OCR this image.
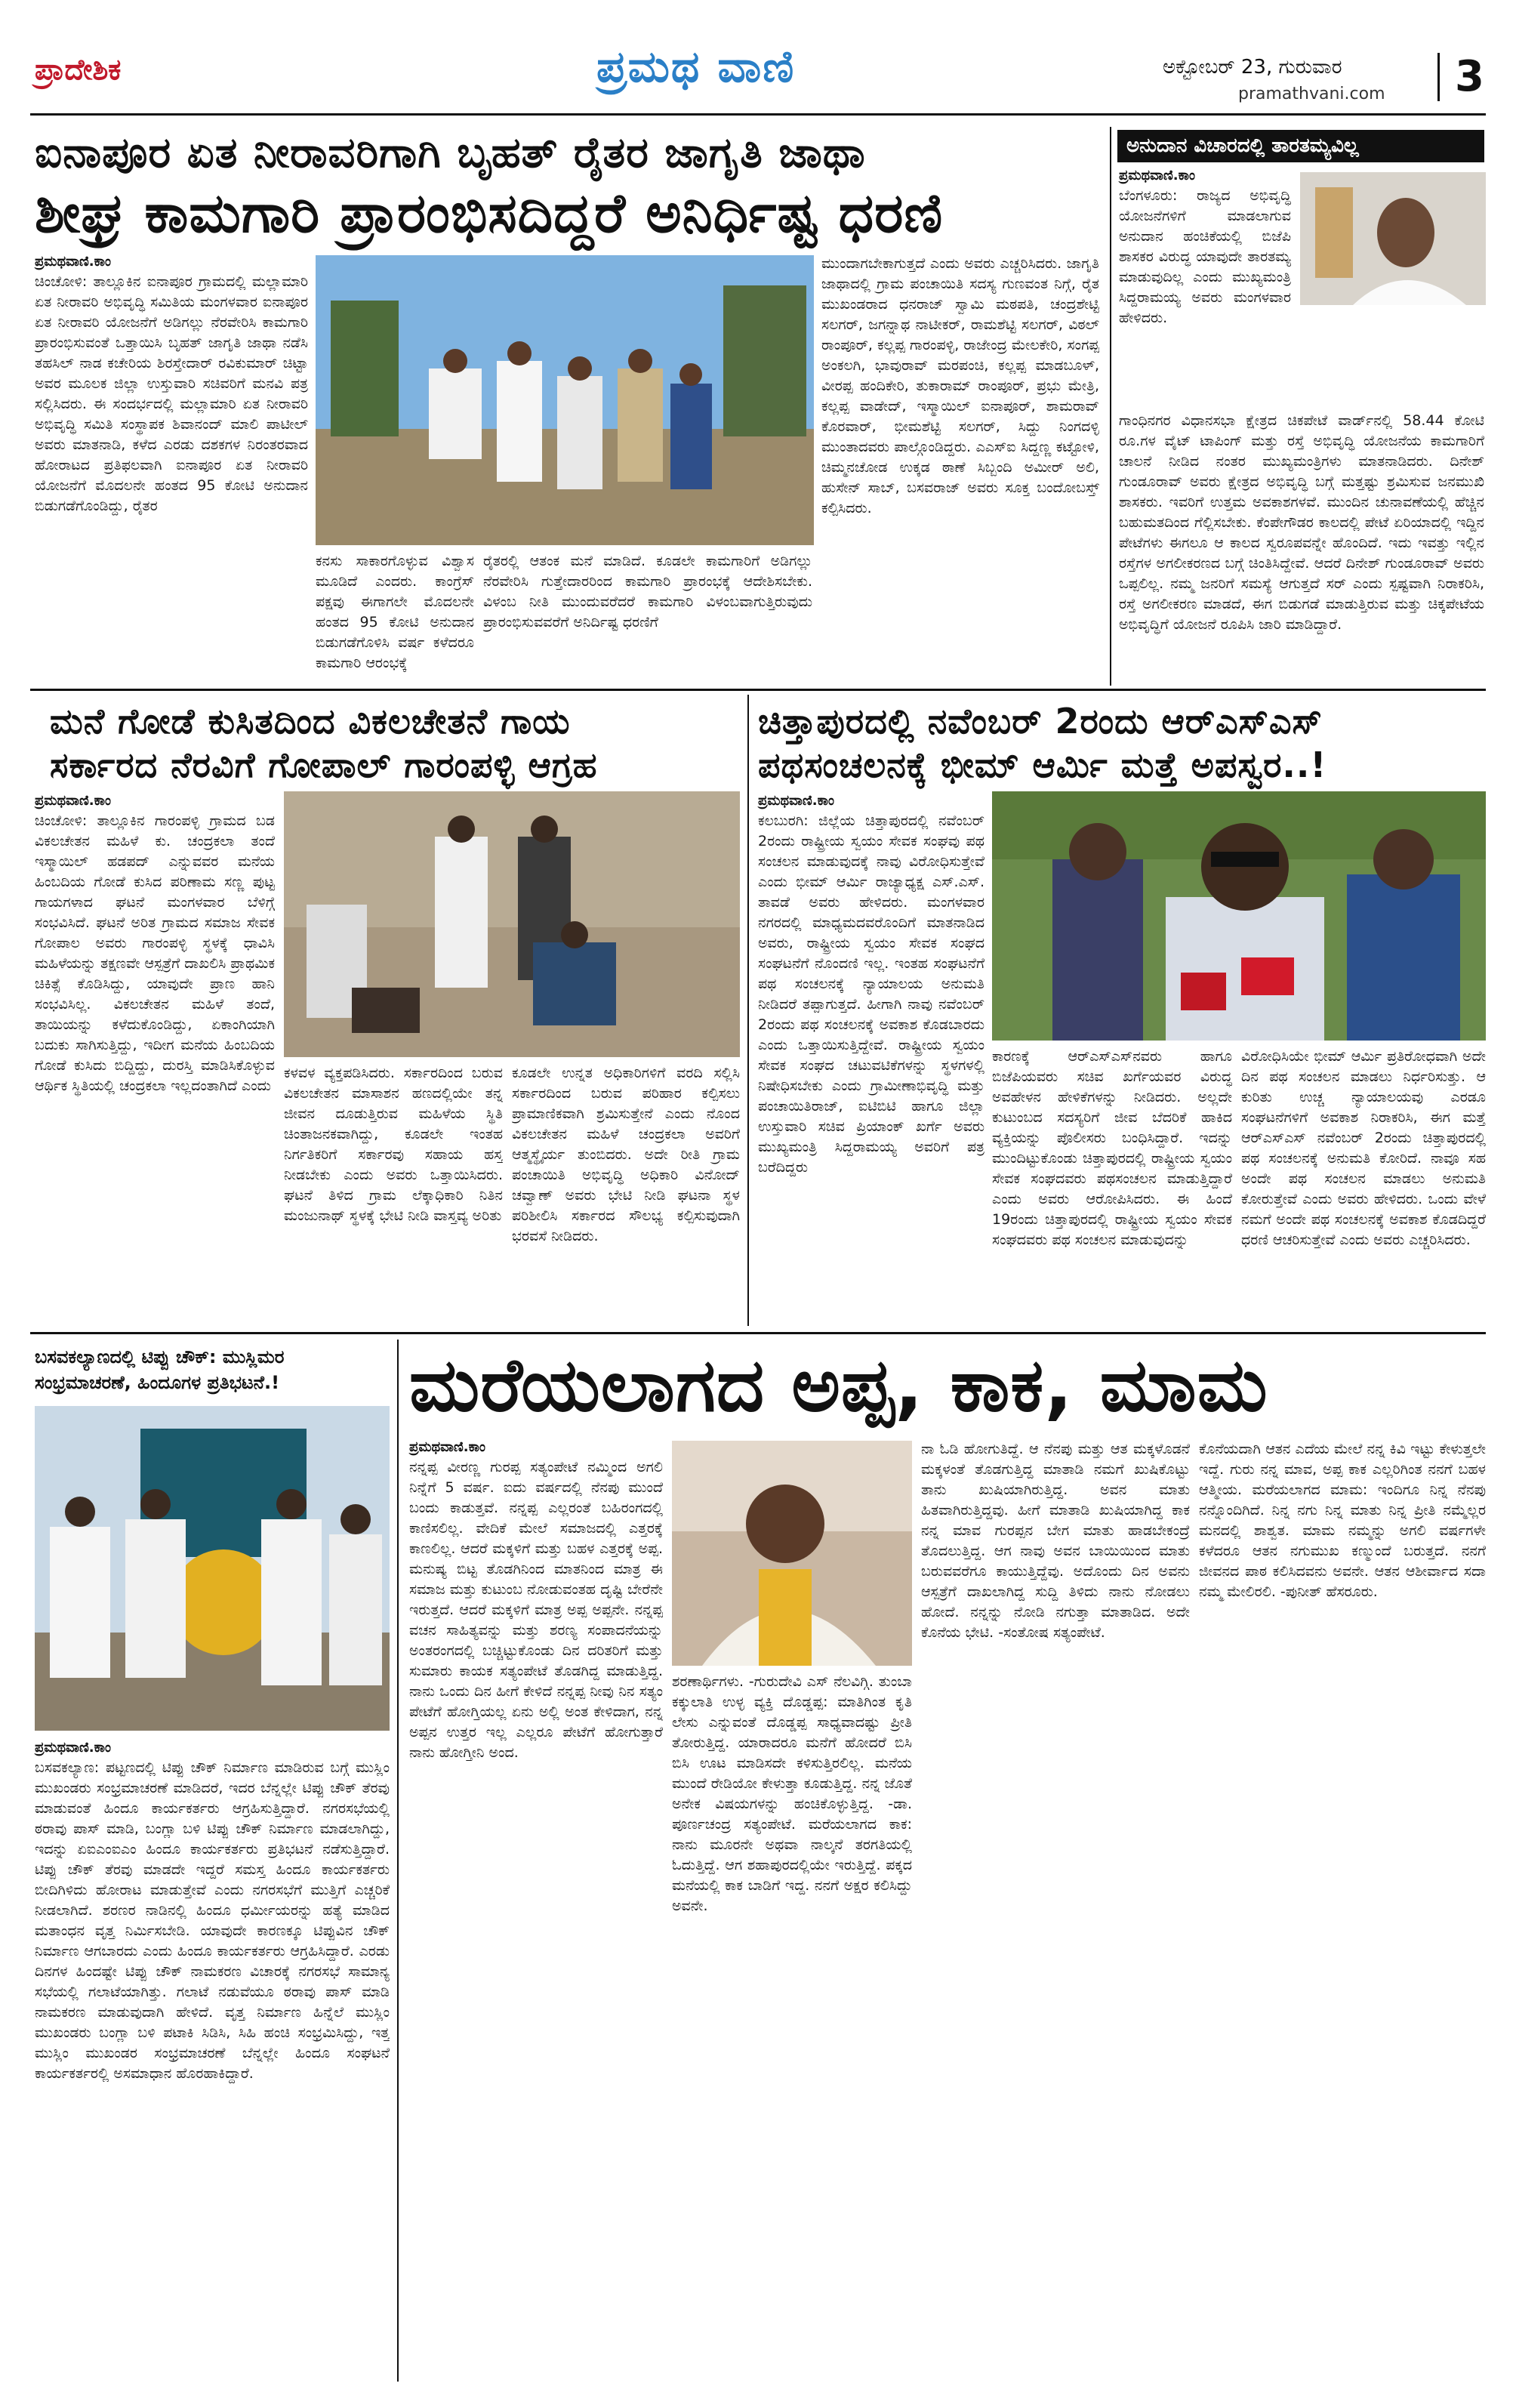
ಪ್ರಾದೇಶಿಕ	ಪ್ರಮಥ ವಾಣಿ	ಅಕ್ಟೋಬರ್ 23, ಗುರುವಾರ
pramathvani.com	3
ಐನಾಪೂರ ಏತ ನೀರಾವರಿಗಾಗಿ ಬೃಹತ್ ರೈತರ ಜಾಗೃತಿ ಜಾಥಾ
ಶೀಘ್ರ ಕಾಮಗಾರಿ ಪ್ರಾರಂಭಿಸದಿದ್ದರೆ ಅನಿರ್ಧಿಷ್ಟ ಧರಣಿ
ಪ್ರಮಥವಾಣಿ.ಕಾಂ
ಚಿಂಚೋಳಿ: ತಾಲ್ಲೂಕಿನ ಐನಾಪೂರ ಗ್ರಾಮದಲ್ಲಿ ಮಲ್ಲಾಮಾರಿ ಏತ ನೀರಾವರಿ ಅಭಿವೃದ್ಧಿ ಸಮಿತಿಯ ಮಂಗಳವಾರ ಐನಾಪೂರ ಏತ ನೀರಾವರಿ ಯೋಜನೆಗೆ ಅಡಿಗಲ್ಲು ನೆರವೇರಿಸಿ ಕಾಮಗಾರಿ ಪ್ರಾರಂಭಿಸುವಂತೆ ಒತ್ತಾಯಿಸಿ ಬೃಹತ್ ಜಾಗೃತಿ ಜಾಥಾ ನಡೆಸಿ ತಹಸಿಲ್ ನಾಡ ಕಚೇರಿಯ ಶಿರಸ್ತೇದಾರ್ ರವಿಕುಮಾರ್ ಚಿಟ್ಟಾ ಅವರ ಮೂಲಕ ಜಿಲ್ಲಾ ಉಸ್ತುವಾರಿ ಸಚಿವರಿಗೆ ಮನವಿ ಪತ್ರ ಸಲ್ಲಿಸಿದರು. ಈ ಸಂದರ್ಭದಲ್ಲಿ ಮಲ್ಲಾಮಾರಿ ಏತ ನೀರಾವರಿ ಅಭಿವೃದ್ಧಿ ಸಮಿತಿ ಸಂಸ್ಥಾಪಕ ಶಿವಾನಂದ್ ಮಾಲಿ ಪಾಟೀಲ್ ಅವರು ಮಾತನಾಡಿ, ಕಳೆದ ಎರಡು ದಶಕಗಳ ನಿರಂತರವಾದ ಹೋರಾಟದ ಪ್ರತಿಫಲವಾಗಿ ಐನಾಪೂರ ಏತ ನೀರಾವರಿ ಯೋಜನೆಗೆ ಮೊದಲನೇ ಹಂತದ 95 ಕೋಟಿ ಅನುದಾನ ಬಿಡುಗಡೆಗೊಂಡಿದ್ದು, ರೈತರ
ಕನಸು ಸಾಕಾರಗೊಳ್ಳುವ ವಿಶ್ವಾಸ ಮೂಡಿದೆ ಎಂದರು. ಕಾಂಗ್ರೆಸ್ ಪಕ್ಷವು ಈಗಾಗಲೇ ಮೊದಲನೇ ಹಂತದ 95 ಕೋಟಿ ಅನುದಾನ ಬಿಡುಗಡೆಗೊಳಿಸಿ ವರ್ಷ ಕಳೆದರೂ ಕಾಮಗಾರಿ ಆರಂಭಕ್ಕೆ
ರೈತರಲ್ಲಿ ಆತಂಕ ಮನೆ ಮಾಡಿದೆ. ಕೂಡಲೇ ಕಾಮಗಾರಿಗೆ ಅಡಿಗಲ್ಲು ನೆರವೇರಿಸಿ ಗುತ್ತೇದಾರರಿಂದ ಕಾಮಗಾರಿ ಪ್ರಾರಂಭಕ್ಕೆ ಆದೇಶಿಸಬೇಕು. ವಿಳಂಬ ನೀತಿ ಮುಂದುವರೆದರೆ ಕಾಮಗಾರಿ ವಿಳಂಬವಾಗುತ್ತಿರುವುದು ಪ್ರಾರಂಭಿಸುವವರೆಗೆ ಅನಿರ್ದಿಷ್ಟ ಧರಣಿಗೆ
ಮುಂದಾಗಬೇಕಾಗುತ್ತದೆ ಎಂದು ಅವರು ಎಚ್ಚರಿಸಿದರು. ಜಾಗೃತಿ ಜಾಥಾದಲ್ಲಿ ಗ್ರಾಮ ಪಂಚಾಯಿತಿ ಸದಸ್ಯ ಗುಣವಂತ ನಿಗ್ಗೆ, ರೈತ ಮುಖಂಡರಾದ ಧನರಾಜ್ ಸ್ವಾಮಿ ಮಠಪತಿ, ಚಂದ್ರಶೇಟ್ಟಿ ಸಲಗರ್, ಜಗನ್ನಾಥ ನಾಟೀಕರ್, ರಾಮಶೆಟ್ಟಿ ಸಲಗರ್, ವಿಠಲ್ ರಾಂಪೂರ್, ಕಲ್ಲಪ್ಪ ಗಾರಂಪಳ್ಳಿ, ರಾಜೇಂದ್ರ ಮೇಲಕೇರಿ, ಸಂಗಪ್ಪ ಅಂಕಲಗಿ, ಭಾವುರಾವ್ ಮರಪಂಚಿ, ಕಲ್ಲಪ್ಪ ಮಾಡಬೂಳ್, ವೀರಪ್ಪ ಹಂದಿಕೇರಿ, ತುಕಾರಾಮ್ ರಾಂಪೂರ್, ಪ್ರಭು ಮೇತ್ರಿ, ಕಲ್ಲಪ್ಪ ವಾಡೇದ್, ಇಸ್ಮಾಯಿಲ್ ಐನಾಪೂರ್, ಶಾಮರಾವ್ ಕೊರವಾರ್, ಭೀಮಶೆಟ್ಟಿ ಸಲಗರ್, ಸಿದ್ದು ನಿಂಗದಳ್ಳಿ ಮುಂತಾದವರು ಪಾಲ್ಗೊಂಡಿದ್ದರು. ಎಎಸ್ಐ ಸಿದ್ದಣ್ಣ ಕಟ್ಟೋಳಿ, ಚಿಮ್ಮನಚೋಡ ಉಕ್ಕಡ ಠಾಣೆ ಸಿಬ್ಬಂದಿ ಅಮೀರ್ ಅಲಿ, ಹುಸೇನ್ ಸಾಬ್, ಬಸವರಾಜ್ ಅವರು ಸೂಕ್ತ ಬಂದೋಬಸ್ತ್ ಕಲ್ಪಿಸಿದರು.
ಅನುದಾನ ವಿಚಾರದಲ್ಲಿ ತಾರತಮ್ಯವಿಲ್ಲ
ಪ್ರಮಥವಾಣಿ.ಕಾಂ
ಬೆಂಗಳೂರು: ರಾಜ್ಯದ ಅಭಿವೃದ್ಧಿ ಯೋಜನೆಗಳಿಗೆ ಮಾಡಲಾಗುವ ಅನುದಾನ ಹಂಚಿಕೆಯಲ್ಲಿ ಬಿಜೆಪಿ ಶಾಸಕರ ವಿರುದ್ಧ ಯಾವುದೇ ತಾರತಮ್ಯ ಮಾಡುವುದಿಲ್ಲ ಎಂದು ಮುಖ್ಯಮಂತ್ರಿ ಸಿದ್ದರಾಮಯ್ಯ ಅವರು ಮಂಗಳವಾರ ಹೇಳಿದರು.
ಗಾಂಧಿನಗರ ವಿಧಾನಸಭಾ ಕ್ಷೇತ್ರದ ಚಿಕಪೇಟೆ ವಾರ್ಡ್‌ನಲ್ಲಿ 58.44 ಕೋಟಿ ರೂ.ಗಳ ವೈಟ್ ಟಾಪಿಂಗ್ ಮತ್ತು ರಸ್ತೆ ಅಭಿವೃದ್ಧಿ ಯೋಜನೆಯ ಕಾಮಗಾರಿಗೆ ಚಾಲನೆ ನೀಡಿದ ನಂತರ ಮುಖ್ಯಮಂತ್ರಿಗಳು ಮಾತನಾಡಿದರು. ದಿನೇಶ್ ಗುಂಡೂರಾವ್ ಅವರು ಕ್ಷೇತ್ರದ ಅಭಿವೃದ್ಧಿ ಬಗ್ಗೆ ಮತ್ತಷ್ಟು ಶ್ರಮಿಸುವ ಜನಮುಖಿ ಶಾಸಕರು. ಇವರಿಗೆ ಉತ್ತಮ ಅವಕಾಶಗಳವೆ. ಮುಂದಿನ ಚುನಾವಣೆಯಲ್ಲಿ ಹೆಚ್ಚಿನ ಬಹುಮತದಿಂದ ಗೆಲ್ಲಿಸಬೇಕು. ಕೆಂಪೇಗೌಡರ ಕಾಲದಲ್ಲಿ ಪೇಟೆ ಏರಿಯಾದಲ್ಲಿ ಇದ್ದಿನ ಪೇಟೆಗಳು ಈಗಲೂ ಆ ಕಾಲದ ಸ್ವರೂಪವನ್ನೇ ಹೊಂದಿದೆ. ಇದು ಇವತ್ತು ಇಲ್ಲಿನ ರಸ್ತೆಗಳ ಅಗಲೀಕರಣದ ಬಗ್ಗೆ ಚಿಂತಿಸಿದ್ದೇವೆ. ಆದರೆ ದಿನೇಶ್ ಗುಂಡೂರಾವ್ ಅವರು ಒಪ್ಪಲಿಲ್ಲ. ನಮ್ಮ ಜನರಿಗೆ ಸಮಸ್ಯೆ ಆಗುತ್ತದೆ ಸರ್ ಎಂದು ಸ್ಪಷ್ಟವಾಗಿ ನಿರಾಕರಿಸಿ, ರಸ್ತೆ ಅಗಲೀಕರಣ ಮಾಡದೆ, ಈಗ ಬಿಡುಗಡೆ ಮಾಡುತ್ತಿರುವ ಮತ್ತು ಚಿಕ್ಕಪೇಟೆಯ ಅಭಿವೃದ್ಧಿಗೆ ಯೋಜನೆ ರೂಪಿಸಿ ಜಾರಿ ಮಾಡಿದ್ದಾರೆ.
ಮನೆ ಗೋಡೆ ಕುಸಿತದಿಂದ ವಿಕಲಚೇತನೆ ಗಾಯ
ಸರ್ಕಾರದ ನೆರವಿಗೆ ಗೋಪಾಲ್ ಗಾರಂಪಳ್ಳಿ ಆಗ್ರಹ
ಪ್ರಮಥವಾಣಿ.ಕಾಂ
ಚಿಂಚೋಳಿ: ತಾಲ್ಲೂಕಿನ ಗಾರಂಪಳ್ಳಿ ಗ್ರಾಮದ ಬಡ ವಿಕಲಚೇತನ ಮಹಿಳೆ ಕು. ಚಂದ್ರಕಲಾ ತಂದೆ ಇಸ್ಮಾಯಿಲ್ ಹಡಪದ್ ಎನ್ನುವವರ ಮನೆಯ ಹಿಂಬದಿಯ ಗೋಡೆ ಕುಸಿದ ಪರಿಣಾಮ ಸಣ್ಣ ಪುಟ್ಟ ಗಾಯಗಳಾದ ಘಟನೆ ಮಂಗಳವಾರ ಬೆಳಿಗ್ಗೆ ಸಂಭವಿಸಿದೆ. ಘಟನೆ ಅರಿತ ಗ್ರಾಮದ ಸಮಾಜ ಸೇವಕ ಗೋಪಾಲ ಅವರು ಗಾರಂಪಳ್ಳಿ ಸ್ಥಳಕ್ಕೆ ಧಾವಿಸಿ ಮಹಿಳೆಯನ್ನು ತಕ್ಷಣವೇ ಆಸ್ಪತ್ರೆಗೆ ದಾಖಲಿಸಿ ಪ್ರಾಥಮಿಕ ಚಿಕಿತ್ಸೆ ಕೊಡಿಸಿದ್ದು, ಯಾವುದೇ ಪ್ರಾಣ ಹಾನಿ ಸಂಭವಿಸಿಲ್ಲ. ವಿಕಲಚೇತನ ಮಹಿಳೆ ತಂದೆ, ತಾಯಿಯನ್ನು ಕಳೆದುಕೊಂಡಿದ್ದು, ಏಕಾಂಗಿಯಾಗಿ ಬದುಕು ಸಾಗಿಸುತ್ತಿದ್ದು, ಇದೀಗ ಮನೆಯ ಹಿಂಬದಿಯ ಗೋಡೆ ಕುಸಿದು ಬಿದ್ದಿದ್ದು, ದುರಸ್ತಿ ಮಾಡಿಸಿಕೊಳ್ಳುವ ಆರ್ಥಿಕ ಸ್ಥಿತಿಯಲ್ಲಿ ಚಂದ್ರಕಲಾ ಇಲ್ಲದಂತಾಗಿದೆ ಎಂದು
ಕಳವಳ ವ್ಯಕ್ತಪಡಿಸಿದರು. ಸರ್ಕಾರದಿಂದ ಬರುವ ವಿಕಲಚೇತನ ಮಾಸಾಶನ ಹಣದಲ್ಲಿಯೇ ತನ್ನ ಜೀವನ ದೂಡುತ್ತಿರುವ ಮಹಿಳೆಯ ಸ್ಥಿತಿ ಚಿಂತಾಜನಕವಾಗಿದ್ದು, ಕೂಡಲೇ ಇಂತಹ ನಿರ್ಗತಿಕರಿಗೆ ಸರ್ಕಾರವು ಸಹಾಯ ಹಸ್ತ ನೀಡಬೇಕು ಎಂದು ಅವರು ಒತ್ತಾಯಿಸಿದರು. ಘಟನೆ ತಿಳಿದ ಗ್ರಾಮ ಲೆಕ್ಕಾಧಿಕಾರಿ ನಿತಿನ ಮಂಜುನಾಥ್ ಸ್ಥಳಕ್ಕೆ ಭೇಟಿ ನೀಡಿ ವಾಸ್ತವ್ಯ ಅರಿತು
ಕೂಡಲೇ ಉನ್ನತ ಅಧಿಕಾರಿಗಳಿಗೆ ವರದಿ ಸಲ್ಲಿಸಿ ಸರ್ಕಾರದಿಂದ ಬರುವ ಪರಿಹಾರ ಕಲ್ಪಿಸಲು ಪ್ರಾಮಾಣಿಕವಾಗಿ ಶ್ರಮಿಸುತ್ತೇನೆ ಎಂದು ನೊಂದ ವಿಕಲಚೇತನ ಮಹಿಳೆ ಚಂದ್ರಕಲಾ ಅವರಿಗೆ ಆತ್ಮಸ್ಥೈರ್ಯ ತುಂಬಿದರು. ಅದೇ ರೀತಿ ಗ್ರಾಮ ಪಂಚಾಯಿತಿ ಅಭಿವೃದ್ಧಿ ಅಧಿಕಾರಿ ವಿನೋದ್ ಚವ್ವಾಣ್ ಅವರು ಭೇಟಿ ನೀಡಿ ಘಟನಾ ಸ್ಥಳ ಪರಿಶೀಲಿಸಿ ಸರ್ಕಾರದ ಸೌಲಭ್ಯ ಕಲ್ಪಿಸುವುದಾಗಿ ಭರವಸೆ ನೀಡಿದರು.
ಚಿತ್ತಾಪುರದಲ್ಲಿ ನವೆಂಬರ್ 2ರಂದು ಆರ್‌ಎಸ್‌ಎಸ್
ಪಥಸಂಚಲನಕ್ಕೆ ಭೀಮ್ ಆರ್ಮಿ ಮತ್ತೆ ಅಪಸ್ವರ..!
ಪ್ರಮಥವಾಣಿ.ಕಾಂ
ಕಲಬುರಗಿ: ಜಿಲ್ಲೆಯ ಚಿತ್ತಾಪುರದಲ್ಲಿ ನವೆಂಬರ್ 2ರಂದು ರಾಷ್ಟ್ರೀಯ ಸ್ವಯಂ ಸೇವಕ ಸಂಘವು ಪಥ ಸಂಚಲನ ಮಾಡುವುದಕ್ಕೆ ನಾವು ವಿರೋಧಿಸುತ್ತೇವೆ ಎಂದು ಭೀಮ್ ಆರ್ಮಿ ರಾಜ್ಯಾಧ್ಯಕ್ಷ ಎಸ್.ಎಸ್. ತಾವಡೆ ಅವರು ಹೇಳಿದರು. ಮಂಗಳವಾರ ನಗರದಲ್ಲಿ ಮಾಧ್ಯಮದವರೊಂದಿಗೆ ಮಾತನಾಡಿದ ಅವರು, ರಾಷ್ಟ್ರೀಯ ಸ್ವಯಂ ಸೇವಕ ಸಂಘದ ಸಂಘಟನೆಗೆ ನೊಂದಣಿ ಇಲ್ಲ. ಇಂತಹ ಸಂಘಟನೆಗೆ ಪಥ ಸಂಚಲನಕ್ಕೆ ನ್ಯಾಯಾಲಯ ಅನುಮತಿ ನೀಡಿದರೆ ತಪ್ಪಾಗುತ್ತದೆ. ಹೀಗಾಗಿ ನಾವು ನವೆಂಬರ್ 2ರಂದು ಪಥ ಸಂಚಲನಕ್ಕೆ ಅವಕಾಶ ಕೊಡಬಾರದು ಎಂದು ಒತ್ತಾಯಿಸುತ್ತಿದ್ದೇವೆ. ರಾಷ್ಟ್ರೀಯ ಸ್ವಯಂ ಸೇವಕ ಸಂಘದ ಚಟುವಟಿಕೆಗಳನ್ನು ಸ್ಥಳಗಳಲ್ಲಿ ನಿಷೇಧಿಸಬೇಕು ಎಂದು ಗ್ರಾಮೀಣಾಭಿವೃದ್ಧಿ ಮತ್ತು ಪಂಚಾಯಿತಿರಾಜ್, ಐಟಿಬಿಟಿ ಹಾಗೂ ಜಿಲ್ಲಾ ಉಸ್ತುವಾರಿ ಸಚಿವ ಪ್ರಿಯಾಂಕ್ ಖರ್ಗೆ ಅವರು ಮುಖ್ಯಮಂತ್ರಿ ಸಿದ್ದರಾಮಯ್ಯ ಅವರಿಗೆ ಪತ್ರ ಬರೆದಿದ್ದರು
ಕಾರಣಕ್ಕೆ ಆರ್‌ಎಸ್‌ಎಸ್‌ನವರು ಹಾಗೂ ಬಿಜೆಪಿಯವರು ಸಚಿವ ಖರ್ಗೆಯವರ ವಿರುದ್ಧ ಅವಹೇಳನ ಹೇಳಿಕೆಗಳನ್ನು ನೀಡಿದರು. ಅಲ್ಲದೇ ಕುಟುಂಬದ ಸದಸ್ಯರಿಗೆ ಜೀವ ಬೆದರಿಕೆ ಹಾಕಿದ ವ್ಯಕ್ತಿಯನ್ನು ಪೊಲೀಸರು ಬಂಧಿಸಿದ್ದಾರೆ. ಇದನ್ನು ಮುಂದಿಟ್ಟುಕೊಂಡು ಚಿತ್ತಾಪುರದಲ್ಲಿ ರಾಷ್ಟ್ರೀಯ ಸ್ವಯಂ ಸೇವಕ ಸಂಘದವರು ಪಥಸಂಚಲನ ಮಾಡುತ್ತಿದ್ದಾರೆ ಎಂದು ಅವರು ಆರೋಪಿಸಿದರು. ಈ ಹಿಂದೆ 19ರಂದು ಚಿತ್ತಾಪುರದಲ್ಲಿ ರಾಷ್ಟ್ರೀಯ ಸ್ವಯಂ ಸೇವಕ ಸಂಘದವರು ಪಥ ಸಂಚಲನ ಮಾಡುವುದನ್ನು
ವಿರೋಧಿಸಿಯೇ ಭೀಮ್ ಆರ್ಮಿ ಪ್ರತಿರೋಧವಾಗಿ ಅದೇ ದಿನ ಪಥ ಸಂಚಲನ ಮಾಡಲು ನಿರ್ಧರಿಸುತ್ತು. ಆ ಕುರಿತು ಉಚ್ಚ ನ್ಯಾಯಾಲಯವು ಎರಡೂ ಸಂಘಟನೆಗಳಿಗೆ ಅವಕಾಶ ನಿರಾಕರಿಸಿ, ಈಗ ಮತ್ತೆ ಆರ್‌ಎಸ್‌ಎಸ್ ನವೆಂಬರ್ 2ರಂದು ಚಿತ್ತಾಪುರದಲ್ಲಿ ಪಥ ಸಂಚಲನಕ್ಕೆ ಅನುಮತಿ ಕೋರಿದೆ. ನಾವೂ ಸಹ ಅಂದೇ ಪಥ ಸಂಚಲನ ಮಾಡಲು ಅನುಮತಿ ಕೋರುತ್ತೇವೆ ಎಂದು ಅವರು ಹೇಳಿದರು. ಒಂದು ವೇಳೆ ನಮಗೆ ಅಂದೇ ಪಥ ಸಂಚಲನಕ್ಕೆ ಅವಕಾಶ ಕೊಡದಿದ್ದರೆ ಧರಣಿ ಆಚರಿಸುತ್ತೇವೆ ಎಂದು ಅವರು ಎಚ್ಚರಿಸಿದರು.
ಬಸವಕಲ್ಯಾಣದಲ್ಲಿ ಟಿಪ್ಪು ಚೌಕ್: ಮುಸ್ಲಿಮರ
ಸಂಭ್ರಮಾಚರಣೆ, ಹಿಂದೂಗಳ ಪ್ರತಿಭಟನೆ.!
ಪ್ರಮಥವಾಣಿ.ಕಾಂ
ಬಸವಕಲ್ಯಾಣ: ಪಟ್ಟಣದಲ್ಲಿ ಟಿಪ್ಪು ಚೌಕ್ ನಿರ್ಮಾಣ ಮಾಡಿರುವ ಬಗ್ಗೆ ಮುಸ್ಲಿಂ ಮುಖಂಡರು ಸಂಭ್ರಮಾಚರಣೆ ಮಾಡಿದರೆ, ಇದರ ಬೆನ್ನಲ್ಲೇ ಟಿಪ್ಪು ಚೌಕ್ ತೆರವು ಮಾಡುವಂತೆ ಹಿಂದೂ ಕಾರ್ಯಕರ್ತರು ಆಗ್ರಹಿಸುತ್ತಿದ್ದಾರೆ. ನಗರಸಭೆಯಲ್ಲಿ ಠರಾವು ಪಾಸ್ ಮಾಡಿ, ಬಂಗ್ಲಾ ಬಳಿ ಟಿಪ್ಪು ಚೌಕ್ ನಿರ್ಮಾಣ ಮಾಡಲಾಗಿದ್ದು, ಇದನ್ನು ಏಐಎಂಐಎಂ ಹಿಂದೂ ಕಾರ್ಯಕರ್ತರು ಪ್ರತಿಭಟನೆ ನಡೆಸುತ್ತಿದ್ದಾರೆ. ಟಿಪ್ಪು ಚೌಕ್ ತೆರವು ಮಾಡದೇ ಇದ್ದರೆ ಸಮಸ್ತ ಹಿಂದೂ ಕಾರ್ಯಕರ್ತರು ಬೀದಿಗಿಳಿದು ಹೋರಾಟ ಮಾಡುತ್ತೇವೆ ಎಂದು ನಗರಸಭೆಗೆ ಮುತ್ತಿಗೆ ಎಚ್ಚರಿಕೆ ನೀಡಲಾಗಿದೆ. ಶರಣರ ನಾಡಿನಲ್ಲಿ ಹಿಂದೂ ಧರ್ಮೀಯರನ್ನು ಹತ್ಯೆ ಮಾಡಿದ ಮತಾಂಧನ ವೃತ್ತ ನಿರ್ಮಿಸಬೇಡಿ. ಯಾವುದೇ ಕಾರಣಕ್ಕೂ ಟಿಪ್ಪುವಿನ ಚೌಕ್ ನಿರ್ಮಾಣ ಆಗಬಾರದು ಎಂದು ಹಿಂದೂ ಕಾರ್ಯಕರ್ತರು ಆಗ್ರಹಿಸಿದ್ದಾರೆ. ಎರಡು ದಿನಗಳ ಹಿಂದಷ್ಟೇ ಟಿಪ್ಪು ಚೌಕ್ ನಾಮಕರಣ ವಿಚಾರಕ್ಕೆ ನಗರಸಭೆ ಸಾಮಾನ್ಯ ಸಭೆಯಲ್ಲಿ ಗಲಾಟೆಯಾಗಿತ್ತು. ಗಲಾಟೆ ನಡುವೆಯೂ ಠರಾವು ಪಾಸ್ ಮಾಡಿ ನಾಮಕರಣ ಮಾಡುವುದಾಗಿ ಹೇಳಿದೆ. ವೃತ್ತ ನಿರ್ಮಾಣ ಹಿನ್ನೆಲೆ ಮುಸ್ಲಿಂ ಮುಖಂಡರು ಬಂಗ್ಲಾ ಬಳಿ ಪಟಾಕಿ ಸಿಡಿಸಿ, ಸಿಹಿ ಹಂಚಿ ಸಂಭ್ರಮಿಸಿದ್ದು, ಇತ್ತ ಮುಸ್ಲಿಂ ಮುಖಂಡರ ಸಂಭ್ರಮಾಚರಣೆ ಬೆನ್ನಲ್ಲೇ ಹಿಂದೂ ಸಂಘಟನೆ ಕಾರ್ಯಕರ್ತರಲ್ಲಿ ಅಸಮಾಧಾನ ಹೊರಹಾಕಿದ್ದಾರೆ.
ಮರೆಯಲಾಗದ ಅಪ್ಪ, ಕಾಕ, ಮಾಮ
ಪ್ರಮಥವಾಣಿ.ಕಾಂ
ನನ್ನಪ್ಪ ವೀರಣ್ಣ ಗುರಪ್ಪ ಸತ್ಯಂಪೇಟೆ ನಮ್ಮಿಂದ ಅಗಲಿ ನಿನ್ನೆಗೆ 5 ವರ್ಷ. ಐದು ವರ್ಷದಲ್ಲಿ ನೆನಪು ಮುಂದೆ ಬಂದು ಕಾಡುತ್ತವೆ. ನನ್ನಪ್ಪ ಎಲ್ಲರಂತೆ ಬಹಿರಂಗದಲ್ಲಿ ಕಾಣಿಸಲಿಲ್ಲ. ವೇದಿಕೆ ಮೇಲೆ ಸಮಾಜದಲ್ಲಿ ಎತ್ತರಕ್ಕೆ ಕಾಣಲಿಲ್ಲ. ಆದರೆ ಮಕ್ಕಳಿಗೆ ಮತ್ತು ಬಹಳ ಎತ್ತರಕ್ಕೆ ಅಪ್ಪ. ಮನುಷ್ಯ ಬಿಟ್ಟ ತೊಡಗಿನಿಂದ ಮಾತನಿಂದ ಮಾತ್ರ ಈ ಸಮಾಜ ಮತ್ತು ಕುಟುಂಬ ನೋಡುವಂತಹ ದೃಷ್ಟಿ ಬೇರೆನೇ ಇರುತ್ತದೆ. ಆದರೆ ಮಕ್ಕಳಿಗೆ ಮಾತ್ರ ಅಪ್ಪ ಅಪ್ಪನೇ. ನನ್ನಪ್ಪ ವಚನ ಸಾಹಿತ್ಯವನ್ನು ಮತ್ತು ಶರಣ್ಯ ಸಂಪಾದನೆಯನ್ನು ಅಂತರಂಗದಲ್ಲಿ ಬಚ್ಚಿಟ್ಟುಕೊಂಡು ದಿನ ದರಿತರಿಗೆ ಮತ್ತು ಸುಮಾರು ಕಾಯಕ ಸತ್ಯಂಪೇಟೆ ತೊಡಗಿದ್ದ ಮಾಡುತ್ತಿದ್ದ. ನಾನು ಒಂದು ದಿನ ಹೀಗೆ ಕೇಳಿದೆ ನನ್ನಪ್ಪ ನೀವು ನಿನ ಸತ್ಯಂ ಪೇಟೆಗೆ ಹೋಗ್ತಿಯಲ್ಲ ಏನು ಅಲ್ಲಿ ಅಂತ ಕೇಳಿದಾಗ, ನನ್ನ ಅಪ್ಪನ ಉತ್ತರ ಇಲ್ಲ ಎಲ್ಲರೂ ಪೇಟೆಗೆ ಹೋಗುತ್ತಾರೆ ನಾನು ಹೋಗ್ತೀನಿ ಅಂದ.
ಶರಣಾರ್ಥಿಗಳು. -ಗುರುದೇವಿ ಎಸ್ ನೆಲವಿಗ್ಗಿ. ತುಂಬಾ ಕಕ್ಕುಲಾತಿ ಉಳ್ಳ ವ್ಯಕ್ತಿ ದೊಡ್ಡಪ್ಪ: ಮಾತಿಗಿಂತ ಕೃತಿ ಲೇಸು ಎನ್ನುವಂತೆ ದೊಡ್ಡಪ್ಪ ಸಾಧ್ಯವಾದಷ್ಟು ಪ್ರೀತಿ ತೋರುತ್ತಿದ್ದ. ಯಾರಾದರೂ ಮನೆಗೆ ಹೋದರೆ ಬಿಸಿ ಬಿಸಿ ಊಟ ಮಾಡಿಸದೇ ಕಳಿಸುತ್ತಿರಲಿಲ್ಲ. ಮನೆಯ ಮುಂದೆ ರೇಡಿಯೋ ಕೇಳುತ್ತಾ ಕೂಡುತ್ತಿದ್ದ. ನನ್ನ ಜೊತೆ ಅನೇಕ ವಿಷಯಗಳನ್ನು ಹಂಚಿಕೊಳ್ಳುತ್ತಿದ್ದ. -ಡಾ. ಪೂರ್ಣಚಂದ್ರ ಸತ್ಯಂಪೇಟೆ. ಮರೆಯಲಾಗದ ಕಾಕ: ನಾನು ಮೂರನೇ ಅಥವಾ ನಾಲ್ಕನೆ ತರಗತಿಯಲ್ಲಿ ಓದುತ್ತಿದ್ದೆ. ಆಗ ಶಹಾಪುರದಲ್ಲಿಯೇ ಇರುತ್ತಿದ್ದೆ. ಪಕ್ಕದ ಮನೆಯಲ್ಲಿ ಕಾಕ ಬಾಡಿಗೆ ಇದ್ದ. ನನಗೆ ಅಕ್ಷರ ಕಲಿಸಿದ್ದು ಅವನೇ.
ನಾ ಓಡಿ ಹೋಗುತಿದ್ದೆ. ಆ ನೆನಪು ಮತ್ತು ಆತ ಮಕ್ಕಳೊಡನೆ ಮಕ್ಕಳಂತೆ ತೊಡಗುತ್ತಿದ್ದ ಮಾತಾಡಿ ನಮಗೆ ಖುಷಿಕೊಟ್ಟು ತಾನು ಖುಷಿಯಾಗಿರುತ್ತಿದ್ದ. ಅವನ ಮಾತು ಹಿತವಾಗಿರುತ್ತಿದ್ದವು. ಹೀಗೆ ಮಾತಾಡಿ ಖುಷಿಯಾಗಿದ್ದ ಕಾಕ ನನ್ನ ಮಾವ ಗುರಪ್ಪನ ಬೇಗ ಮಾತು ಹಾಡಬೇಕಂದ್ರೆ ತೊದಲುತ್ತಿದ್ದ. ಆಗ ನಾವು ಅವನ ಬಾಯಿಯಿಂದ ಮಾತು ಬರುವವರೆಗೂ ಕಾಯುತ್ತಿದ್ದೆವು. ಅದೊಂದು ದಿನ ಅವನು ಆಸ್ಪತ್ರೆಗೆ ದಾಖಲಾಗಿದ್ದ ಸುದ್ದಿ ತಿಳಿದು ನಾನು ನೋಡಲು ಹೋದೆ. ನನ್ನನ್ನು ನೋಡಿ ನಗುತ್ತಾ ಮಾತಾಡಿದ. ಅದೇ ಕೊನೆಯ ಭೇಟಿ. -ಸಂತೋಷ ಸತ್ಯಂಪೇಟೆ.
ಕೊನೆಯದಾಗಿ ಆತನ ಎದೆಯ ಮೇಲೆ ನನ್ನ ಕಿವಿ ಇಟ್ಟು ಕೇಳುತ್ತಲೇ ಇದ್ದೆ. ಗುರು ನನ್ನ ಮಾವ, ಅಪ್ಪ ಕಾಕ ಎಲ್ಲರಿಗಿಂತ ನನಗೆ ಬಹಳ ಆತ್ಮೀಯ. ಮರೆಯಲಾಗದ ಮಾಮ: ಇಂದಿಗೂ ನಿನ್ನ ನೆನಪು ನನ್ನೊಂದಿಗಿದೆ. ನಿನ್ನ ನಗು ನಿನ್ನ ಮಾತು ನಿನ್ನ ಪ್ರೀತಿ ನಮ್ಮೆಲ್ಲರ ಮನದಲ್ಲಿ ಶಾಶ್ವತ. ಮಾಮ ನಮ್ಮನ್ನು ಅಗಲಿ ವರ್ಷಗಳೇ ಕಳೆದರೂ ಆತನ ನಗುಮುಖ ಕಣ್ಮುಂದೆ ಬರುತ್ತದೆ. ನನಗೆ ಜೀವನದ ಪಾಠ ಕಲಿಸಿದವನು ಅವನೇ. ಆತನ ಆಶೀರ್ವಾದ ಸದಾ ನಮ್ಮ ಮೇಲಿರಲಿ. -ಪುನೀತ್ ಹೆಸರೂರು.
